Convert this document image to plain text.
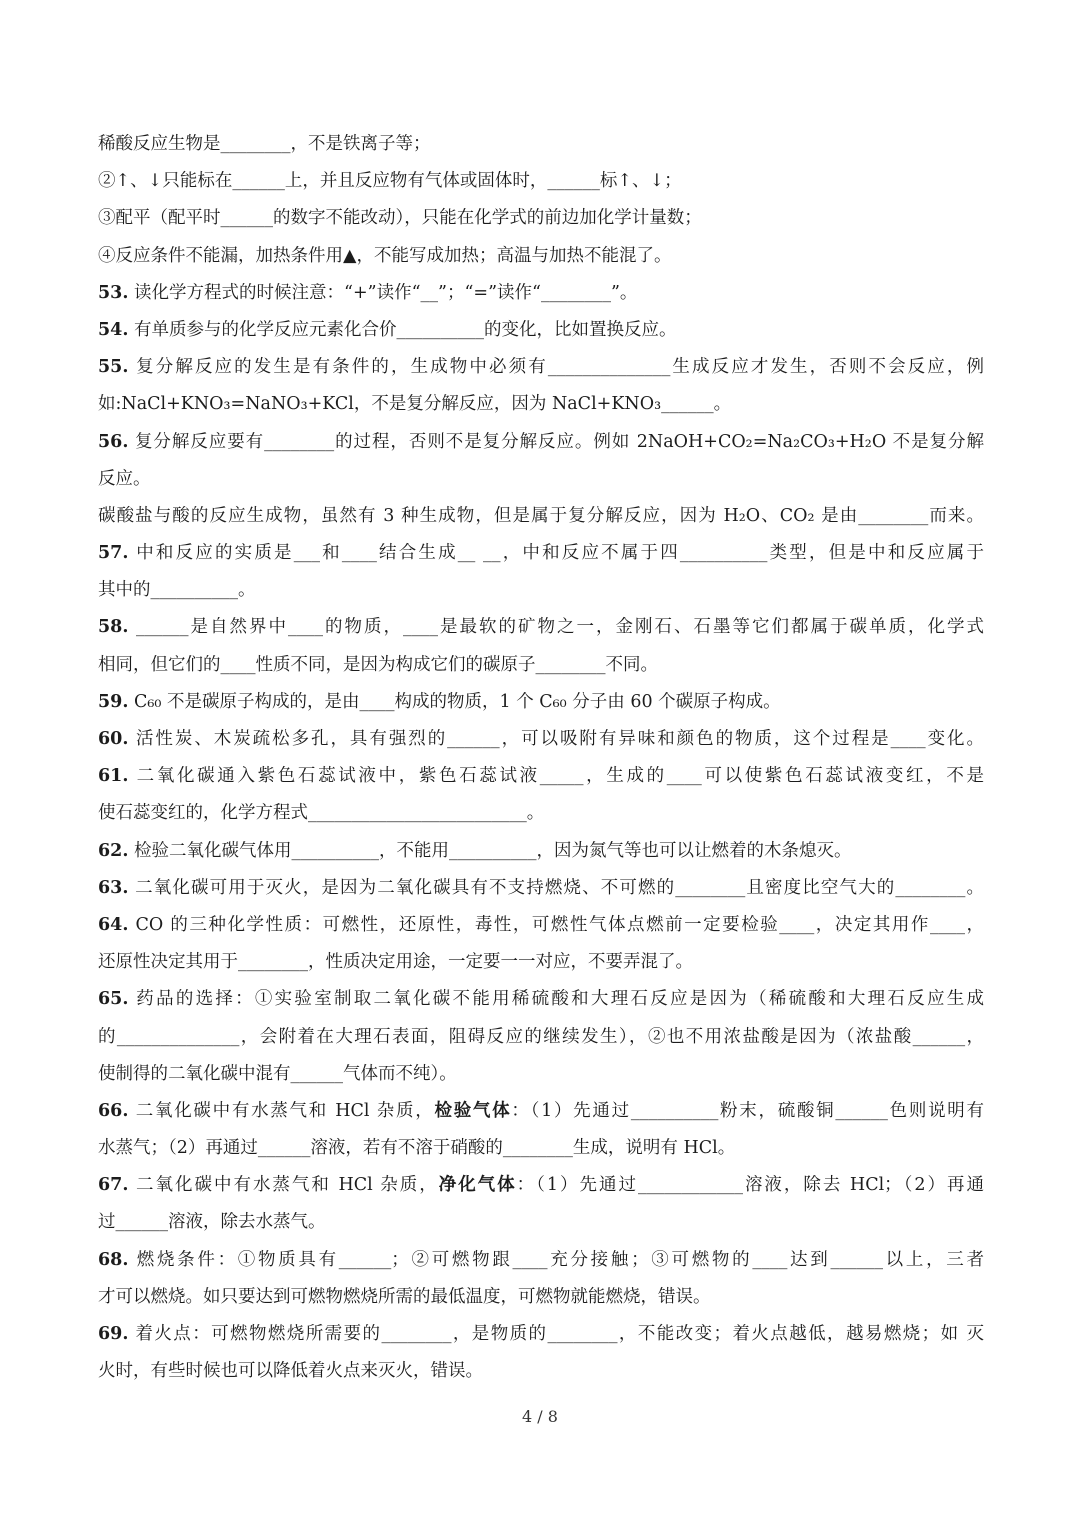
稀酸反应生物是________，不是铁离子等；
②↑、↓只能标在______上，并且反应物有气体或固体时，______标↑、↓；
③配平（配平时______的数字不能改动），只能在化学式的前边加化学计量数；
④反应条件不能漏，加热条件用▲，不能写成加热；高温与加热不能混了。
53. 读化学方程式的时候注意：“+”读作“__”；“=”读作“________”。
54. 有单质参与的化学反应元素化合价__________的变化，比如置换反应。
55. 复分解反应的发生是有条件的，生成物中必须有______________生成反应才发生，否则不会反应，例
如:NaCl+KNO₃=NaNO₃+KCl，不是复分解反应，因为 NaCl+KNO₃______。
56. 复分解反应要有________的过程，否则不是复分解反应。例如 2NaOH+CO₂=Na₂CO₃+H₂O 不是复分解
反应。
碳酸盐与酸的反应生成物，虽然有 3 种生成物，但是属于复分解反应，因为 H₂O、CO₂ 是由________而来。
57. 中和反应的实质是___和____结合生成__ __，中和反应不属于四__________类型，但是中和反应属于
其中的__________。
58. ______是自然界中____的物质，____是最软的矿物之一，金刚石、石墨等它们都属于碳单质，化学式
相同，但它们的____性质不同，是因为构成它们的碳原子________不同。
59. C₆₀ 不是碳原子构成的，是由____构成的物质，1 个 C₆₀ 分子由 60 个碳原子构成。
60. 活性炭、木炭疏松多孔，具有强烈的______，可以吸附有异味和颜色的物质，这个过程是____变化。
61. 二氧化碳通入紫色石蕊试液中，紫色石蕊试液_____，生成的____可以使紫色石蕊试液变红，不是
使石蕊变红的，化学方程式_________________________。
62. 检验二氧化碳气体用__________，不能用__________，因为氮气等也可以让燃着的木条熄灭。
63. 二氧化碳可用于灭火，是因为二氧化碳具有不支持燃烧、不可燃的________且密度比空气大的________。
64. CO 的三种化学性质：可燃性，还原性，毒性，可燃性气体点燃前一定要检验____，决定其用作____，
还原性决定其用于________，性质决定用途，一定要一一对应，不要弄混了。
65. 药品的选择：①实验室制取二氧化碳不能用稀硫酸和大理石反应是因为（稀硫酸和大理石反应生成
的______________，会附着在大理石表面，阻碍反应的继续发生），②也不用浓盐酸是因为（浓盐酸______，
使制得的二氧化碳中混有______气体而不纯）。
66. 二氧化碳中有水蒸气和 HCl 杂质，检验气体：（1）先通过__________粉末，硫酸铜______色则说明有
水蒸气；（2）再通过______溶液，若有不溶于硝酸的________生成，说明有 HCl。
67. 二氧化碳中有水蒸气和 HCl 杂质，净化气体：（1）先通过____________溶液，除去 HCl；（2）再通
过______溶液，除去水蒸气。
68. 燃烧条件：①物质具有______；②可燃物跟____充分接触；③可燃物的____达到______以上，三者
才可以燃烧。如只要达到可燃物燃烧所需的最低温度，可燃物就能燃烧，错误。
69. 着火点：可燃物燃烧所需要的________，是物质的________，不能改变；着火点越低，越易燃烧；如 灭
火时，有些时候也可以降低着火点来灭火，错误。
4 / 8
